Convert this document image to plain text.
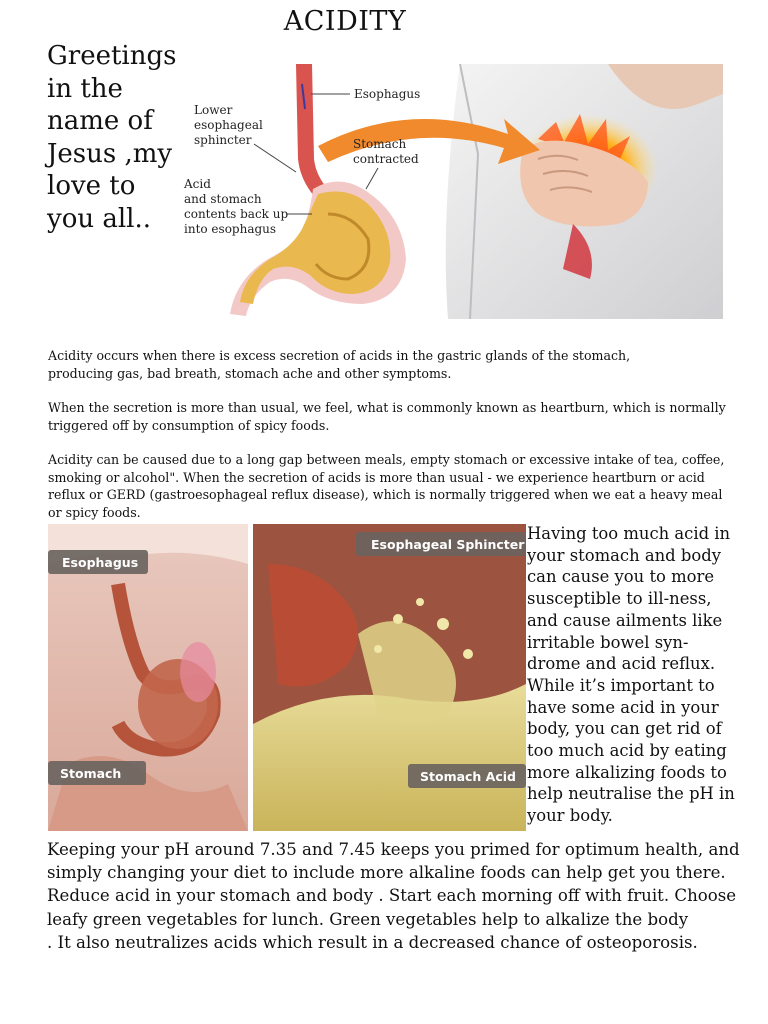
ACIDITY
Greetings in the name of Jesus ,my love to you all..
Lower
esophageal
sphincter
Esophagus
Stomach
contracted
Acid
and stomach
contents back up
into esophagus

Acidity occurs when there is excess secretion of acids in the gastric glands of the stomach, producing gas, bad breath, stomach ache and other symptoms.

When the secretion is more than usual, we feel, what is commonly known as heartburn, which is normally triggered off by consumption of spicy foods.

Acidity can be caused due to a long gap between meals, empty stomach or excessive intake of tea, coffee, smoking or alcohol". When the secretion of acids is more than usual - we experience heartburn or acid reflux or GERD (gastroesophageal reflux disease), which is normally triggered when we eat a heavy meal or spicy foods.

Esophagus
Stomach
Esophageal Sphincter
Stomach Acid
Having too much acid in your stomach and body can cause you to more susceptible to ill-ness, and cause ailments like irritable bowel syn-drome and acid reflux. While it’s important to have some acid in your body, you can get rid of too much acid by eating more alkalizing foods to help neutralise the pH in your body.

Keeping your pH around 7.35 and 7.45 keeps you primed for optimum health, and simply changing your diet to include more alkaline foods can help get you there. Reduce acid in your stomach and body . Start each morning off with fruit. Choose leafy green vegetables for lunch. Green vegetables help to alkalize the body

. It also neutralizes acids which result in a decreased chance of osteoporosis.
